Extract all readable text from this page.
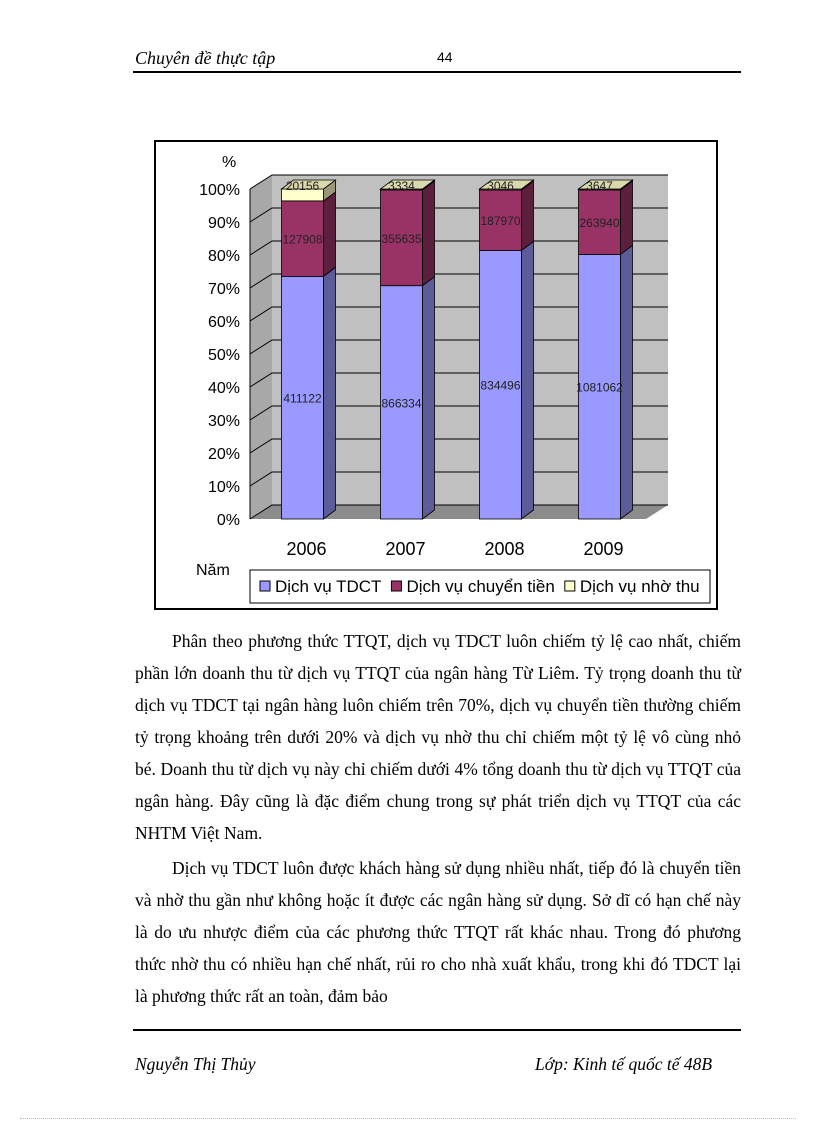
Chuyên đề thực tập	44
0%
10%
20%
30%
40%
50%
60%
70%
80%
90%
100%
%
411122
127908
20156
2006
866334
355635
3334
2007
834496
187970
3046
2008
1081062
263940
3647
2009
Năm
Dịch vụ TDCT Dịch vụ chuyển tiền Dịch vụ nhờ thu

Phân theo phương thức TTQT, dịch vụ TDCT luôn chiếm tỷ lệ cao nhất, chiếm phần lớn doanh thu từ dịch vụ TTQT của ngân hàng Từ Liêm. Tỷ trọng doanh thu từ dịch vụ TDCT tại ngân hàng luôn chiếm trên 70%, dịch vụ chuyển tiền thường chiếm tỷ trọng khoảng trên dưới 20% và dịch vụ nhờ thu chỉ chiếm một tỷ lệ vô cùng nhỏ bé. Doanh thu từ dịch vụ này chỉ chiếm dưới 4% tổng doanh thu từ dịch vụ TTQT của ngân hàng. Đây cũng là đặc điểm chung trong sự phát triển dịch vụ TTQT của các NHTM Việt Nam.

Dịch vụ TDCT luôn được khách hàng sử dụng nhiều nhất, tiếp đó là chuyển tiền và nhờ thu gần như không hoặc ít được các ngân hàng sử dụng. Sở dĩ có hạn chế này là do ưu nhược điểm của các phương thức TTQT rất khác nhau. Trong đó phương thức nhờ thu có nhiều hạn chế nhất, rủi ro cho nhà xuất khẩu, trong khi đó TDCT lại là phương thức rất an toàn, đảm bảo

Nguyễn Thị Thủy	Lớp: Kinh tế quốc tế 48B
